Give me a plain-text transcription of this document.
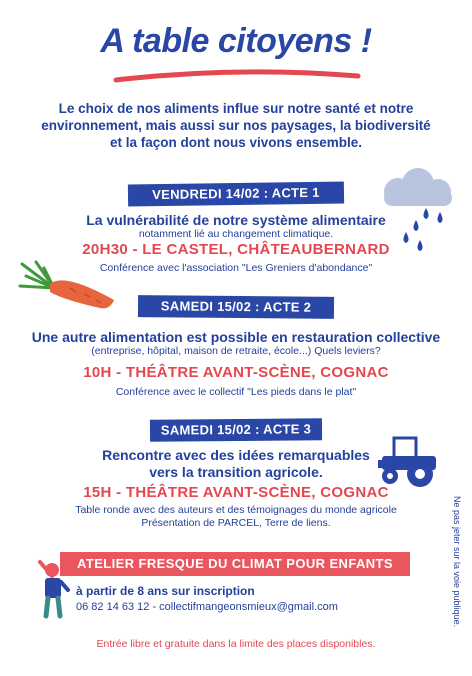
A table citoyens !
Le choix de nos aliments influe sur notre santé et notre
environnement, mais aussi sur nos paysages, la biodiversité
et la façon dont nous vivons ensemble.
VENDREDI 14/02 : ACTE 1
La vulnérabilité de notre système alimentaire
notamment lié au changement climatique.
20H30 - LE CASTEL, CHÂTEAUBERNARD
Conférence avec l'association "Les Greniers d'abondance"
SAMEDI 15/02 : ACTE 2
Une autre alimentation est possible en restauration collective
(entreprise, hôpital, maison de retraite, école...) Quels leviers?
10H - THÉÂTRE AVANT-SCÈNE, COGNAC
Conférence avec le collectif "Les pieds dans le plat"
SAMEDI 15/02 : ACTE 3
Rencontre avec des idées remarquables
vers la transition agricole.
15H - THÉÂTRE AVANT-SCÈNE, COGNAC
Table ronde avec des auteurs et des témoignages du monde agricole
Présentation de PARCEL, Terre de liens.
ATELIER FRESQUE DU CLIMAT POUR ENFANTS
à partir de 8 ans sur inscription
06 82 14 63 12 - collectifmangeonsmieux@gmail.com
Entrée libre et gratuite dans la limite des places disponibles.
Ne pas jeter sur la voie publique.
